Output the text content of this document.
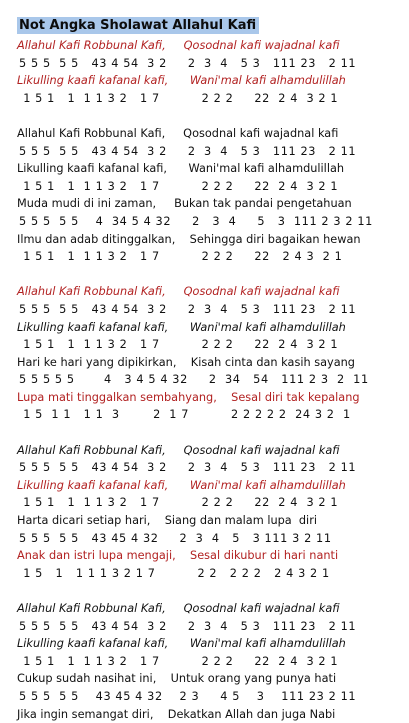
Not Angka Sholawat Allahul Kafi
Allahul Kafi Robbunal Kafi,     Qosodnal kafi wajadnal kafi
5 5 5  5 5   43 4 54  3 2     2  3  4   5 3   111 23   2 11
Likulling kaafi kafanal kafi,      Wani'mal kafi alhamdulillah
1 5 1   1  1 1 3 2   1 7          2 2 2     22  2 4  3 2 1
Allahul Kafi Robbunal Kafi,     Qosodnal kafi wajadnal kafi
5 5 5  5 5   43 4 54  3 2     2  3  4   5 3   111 23   2 11
Likulling kaafi kafanal kafi,      Wani'mal kafi alhamdulillah
1 5 1   1  1 1 3 2   1 7          2 2 2     22  2 4  3 2 1
Muda mudi di ini zaman,     Bukan tak pandai pengetahuan
5 5 5  5 5    4  34 5 4 32     2   3  4     5   3  111 2 3 2 11
Ilmu dan adab ditinggalkan,    Sehingga diri bagaikan hewan
1 5 1   1  1 1 3 2   1 7          2 2 2     22   2 4 3  2 1
Allahul Kafi Robbunal Kafi,     Qosodnal kafi wajadnal kafi
5 5 5  5 5   43 4 54  3 2     2  3  4   5 3   111 23   2 11
Likulling kaafi kafanal kafi,      Wani'mal kafi alhamdulillah
1 5 1   1  1 1 3 2   1 7          2 2 2     22  2 4  3 2 1
Hari ke hari yang dipikirkan,    Kisah cinta dan kasih sayang
5 5 5 5 5       4   3 4 5 4 32     2  34   54   111 2 3  2  11
Lupa mati tinggalkan sembahyang,    Sesal diri tak kepalang
1 5  1 1   1 1  3        2  1 7          2 2 2 2 2  24 3 2  1
Allahul Kafi Robbunal Kafi,     Qosodnal kafi wajadnal kafi
5 5 5  5 5   43 4 54  3 2     2  3  4   5 3   111 23   2 11
Likulling kaafi kafanal kafi,      Wani'mal kafi alhamdulillah
1 5 1   1  1 1 3 2   1 7          2 2 2     22  2 4  3 2 1
Harta dicari setiap hari,    Siang dan malam lupa  diri
5 5 5  5 5   43 45 4 32     2  3  4   5   3 111 3 2 11
Anak dan istri lupa mengaji,    Sesal dikubur di hari nanti
1 5   1   1 1 1 3 2 1 7          2 2   2 2 2   2 4 3 2 1
Allahul Kafi Robbunal Kafi,     Qosodnal kafi wajadnal kafi
5 5 5  5 5   43 4 54  3 2     2  3  4   5 3   111 23   2 11
Likulling kaafi kafanal kafi,      Wani'mal kafi alhamdulillah
1 5 1   1  1 1 3 2   1 7          2 2 2     22  2 4  3 2 1
Cukup sudah nasihat ini,    Untuk orang yang punya hati
5 5 5  5 5    43 45 4 32    2 3     4 5    3    111 23 2 11
Jika ingin semangat diri,    Dekatkan Allah dan juga Nabi
